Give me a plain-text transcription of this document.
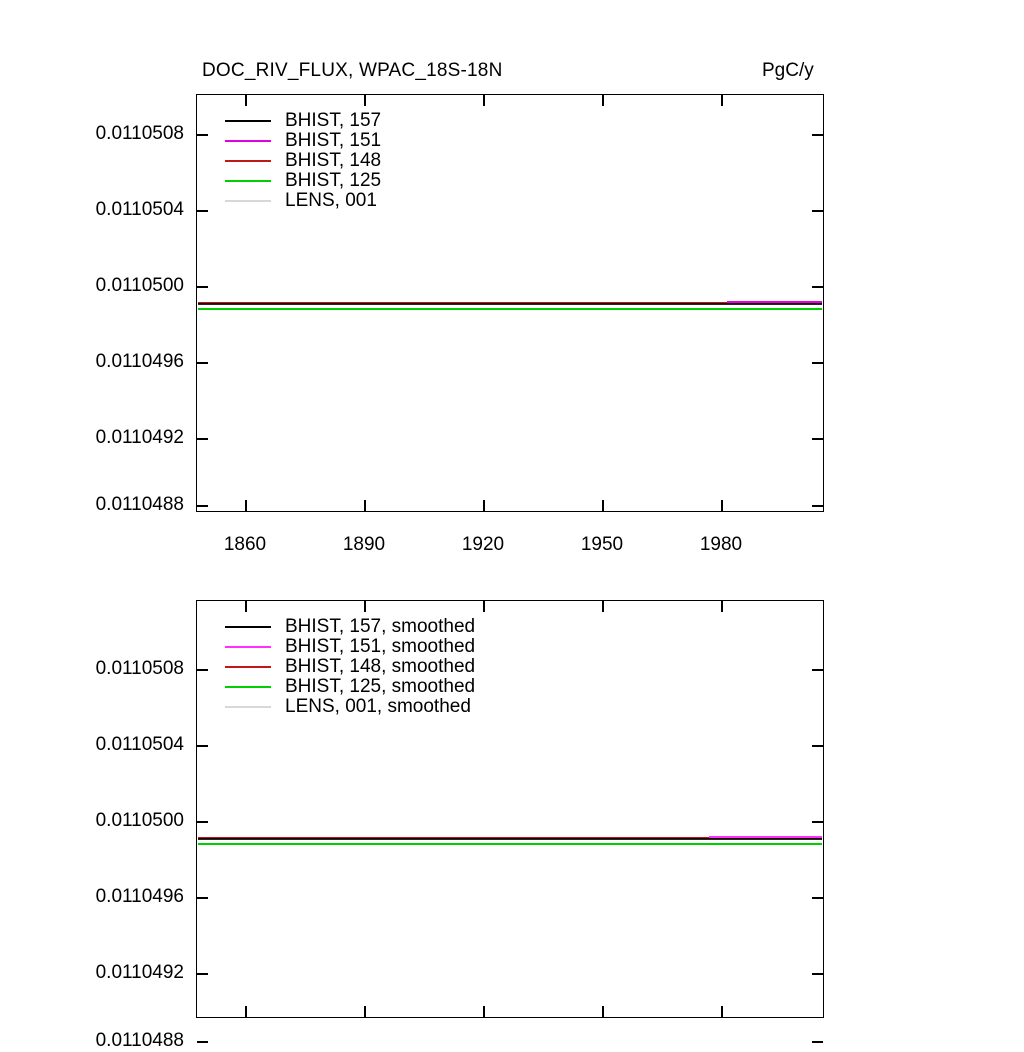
DOC_RIV_FLUX, WPAC_18S-18N	PgC/y
BHIST, 157
BHIST, 151
BHIST, 148
BHIST, 125
LENS, 001
0.0110508
0.0110504
0.0110500
0.0110496
0.0110492
0.0110488
1860	1890	1920	1950	1980
BHIST, 157, smoothed
BHIST, 151, smoothed
BHIST, 148, smoothed
BHIST, 125, smoothed
LENS, 001, smoothed
0.0110508
0.0110504
0.0110500
0.0110496
0.0110492
0.0110488
